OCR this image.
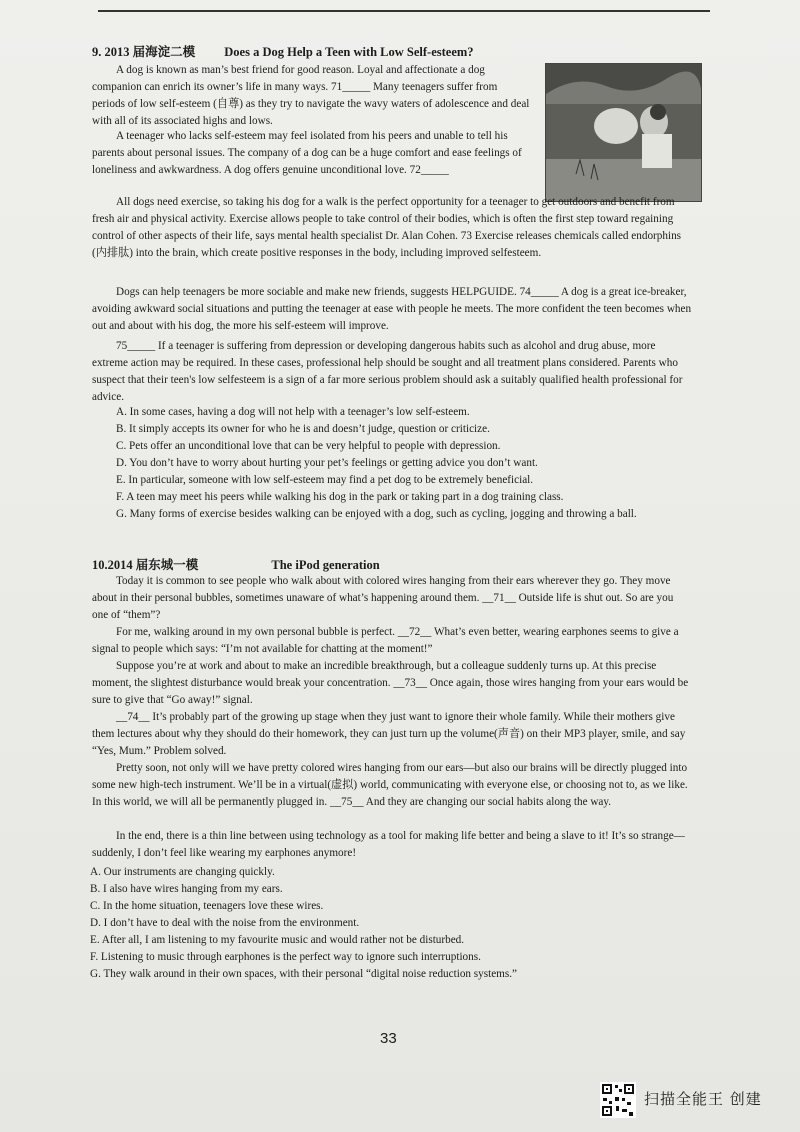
9. 2013 届海淀二模 Does a Dog Help a Teen with Low Self-esteem?

A dog is known as man’s best friend for good reason. Loyal and affectionate a dog companion can enrich its owner’s life in many ways. 71_____ Many teenagers suffer from periods of low self-esteem (自尊) as they try to navigate the wavy waters of adolescence and deal with all of its associated highs and lows.

A teenager who lacks self-esteem may feel isolated from his peers and unable to tell his parents about personal issues. The company of a dog can be a huge comfort and ease feelings of loneliness and awkwardness. A dog offers genuine unconditional love. 72_____

All dogs need exercise, so taking his dog for a walk is the perfect opportunity for a teenager to get outdoors and benefit from fresh air and physical activity. Exercise allows people to take control of their bodies, which is often the first step toward regaining control of other aspects of their life, says mental health specialist Dr. Alan Cohen. 73 Exercise releases chemicals called endorphins (内排肽) into the brain, which create positive responses in the body, including improved selfesteem.

Dogs can help teenagers be more sociable and make new friends, suggests HELPGUIDE. 74_____ A dog is a great ice-breaker, avoiding awkward social situations and putting the teenager at ease with people he meets. The more confident the teen becomes when out and about with his dog, the more his self-esteem will improve.

75_____ If a teenager is suffering from depression or developing dangerous habits such as alcohol and drug abuse, more extreme action may be required. In these cases, professional help should be sought and all treatment plans considered. Parents who suspect that their teen's low selfesteem is a sign of a far more serious problem should ask a suitably qualified health professional for advice.

A. In some cases, having a dog will not help with a teenager’s low self-esteem.

B. It simply accepts its owner for who he is and doesn’t judge, question or criticize.

C. Pets offer an unconditional love that can be very helpful to people with depression.

D. You don’t have to worry about hurting your pet’s feelings or getting advice you don’t want.

E. In particular, someone with low self-esteem may find a pet dog to be extremely beneficial.

F. A teen may meet his peers while walking his dog in the park or taking part in a dog training class.

G. Many forms of exercise besides walking can be enjoyed with a dog, such as cycling, jogging and throwing a ball.

10.2014 届东城一模	The iPod generation

Today it is common to see people who walk about with colored wires hanging from their ears wherever they go. They move about in their personal bubbles, sometimes unaware of what’s happening around them. __71__ Outside life is shut out. So are you one of “them”?

For me, walking around in my own personal bubble is perfect. __72__ What’s even better, wearing earphones seems to give a signal to people which says: “I’m not available for chatting at the moment!”

Suppose you’re at work and about to make an incredible breakthrough, but a colleague suddenly turns up. At this precise moment, the slightest disturbance would break your concentration. __73__ Once again, those wires hanging from your ears would be sure to give that “Go away!” signal.

__74__ It’s probably part of the growing up stage when they just want to ignore their whole family. While their mothers give them lectures about why they should do their homework, they can just turn up the volume(声音) on their MP3 player, smile, and say “Yes, Mum.” Problem solved.

Pretty soon, not only will we have pretty colored wires hanging from our ears—but also our brains will be directly plugged into some new high-tech instrument. We’ll be in a virtual(虚拟) world, communicating with everyone else, or choosing not to, as we like. In this world, we will all be permanently plugged in. __75__ And they are changing our social habits along the way.

In the end, there is a thin line between using technology as a tool for making life better and being a slave to it! It’s so strange—suddenly, I don’t feel like wearing my earphones anymore!

A. Our instruments are changing quickly.

B. I also have wires hanging from my ears.

C. In the home situation, teenagers love these wires.

D. I don’t have to deal with the noise from the environment.

E. After all, I am listening to my favourite music and would rather not be disturbed.

F. Listening to music through earphones is the perfect way to ignore such interruptions.

G. They walk around in their own spaces, with their personal “digital noise reduction systems.”

33
扫描全能王 创建
